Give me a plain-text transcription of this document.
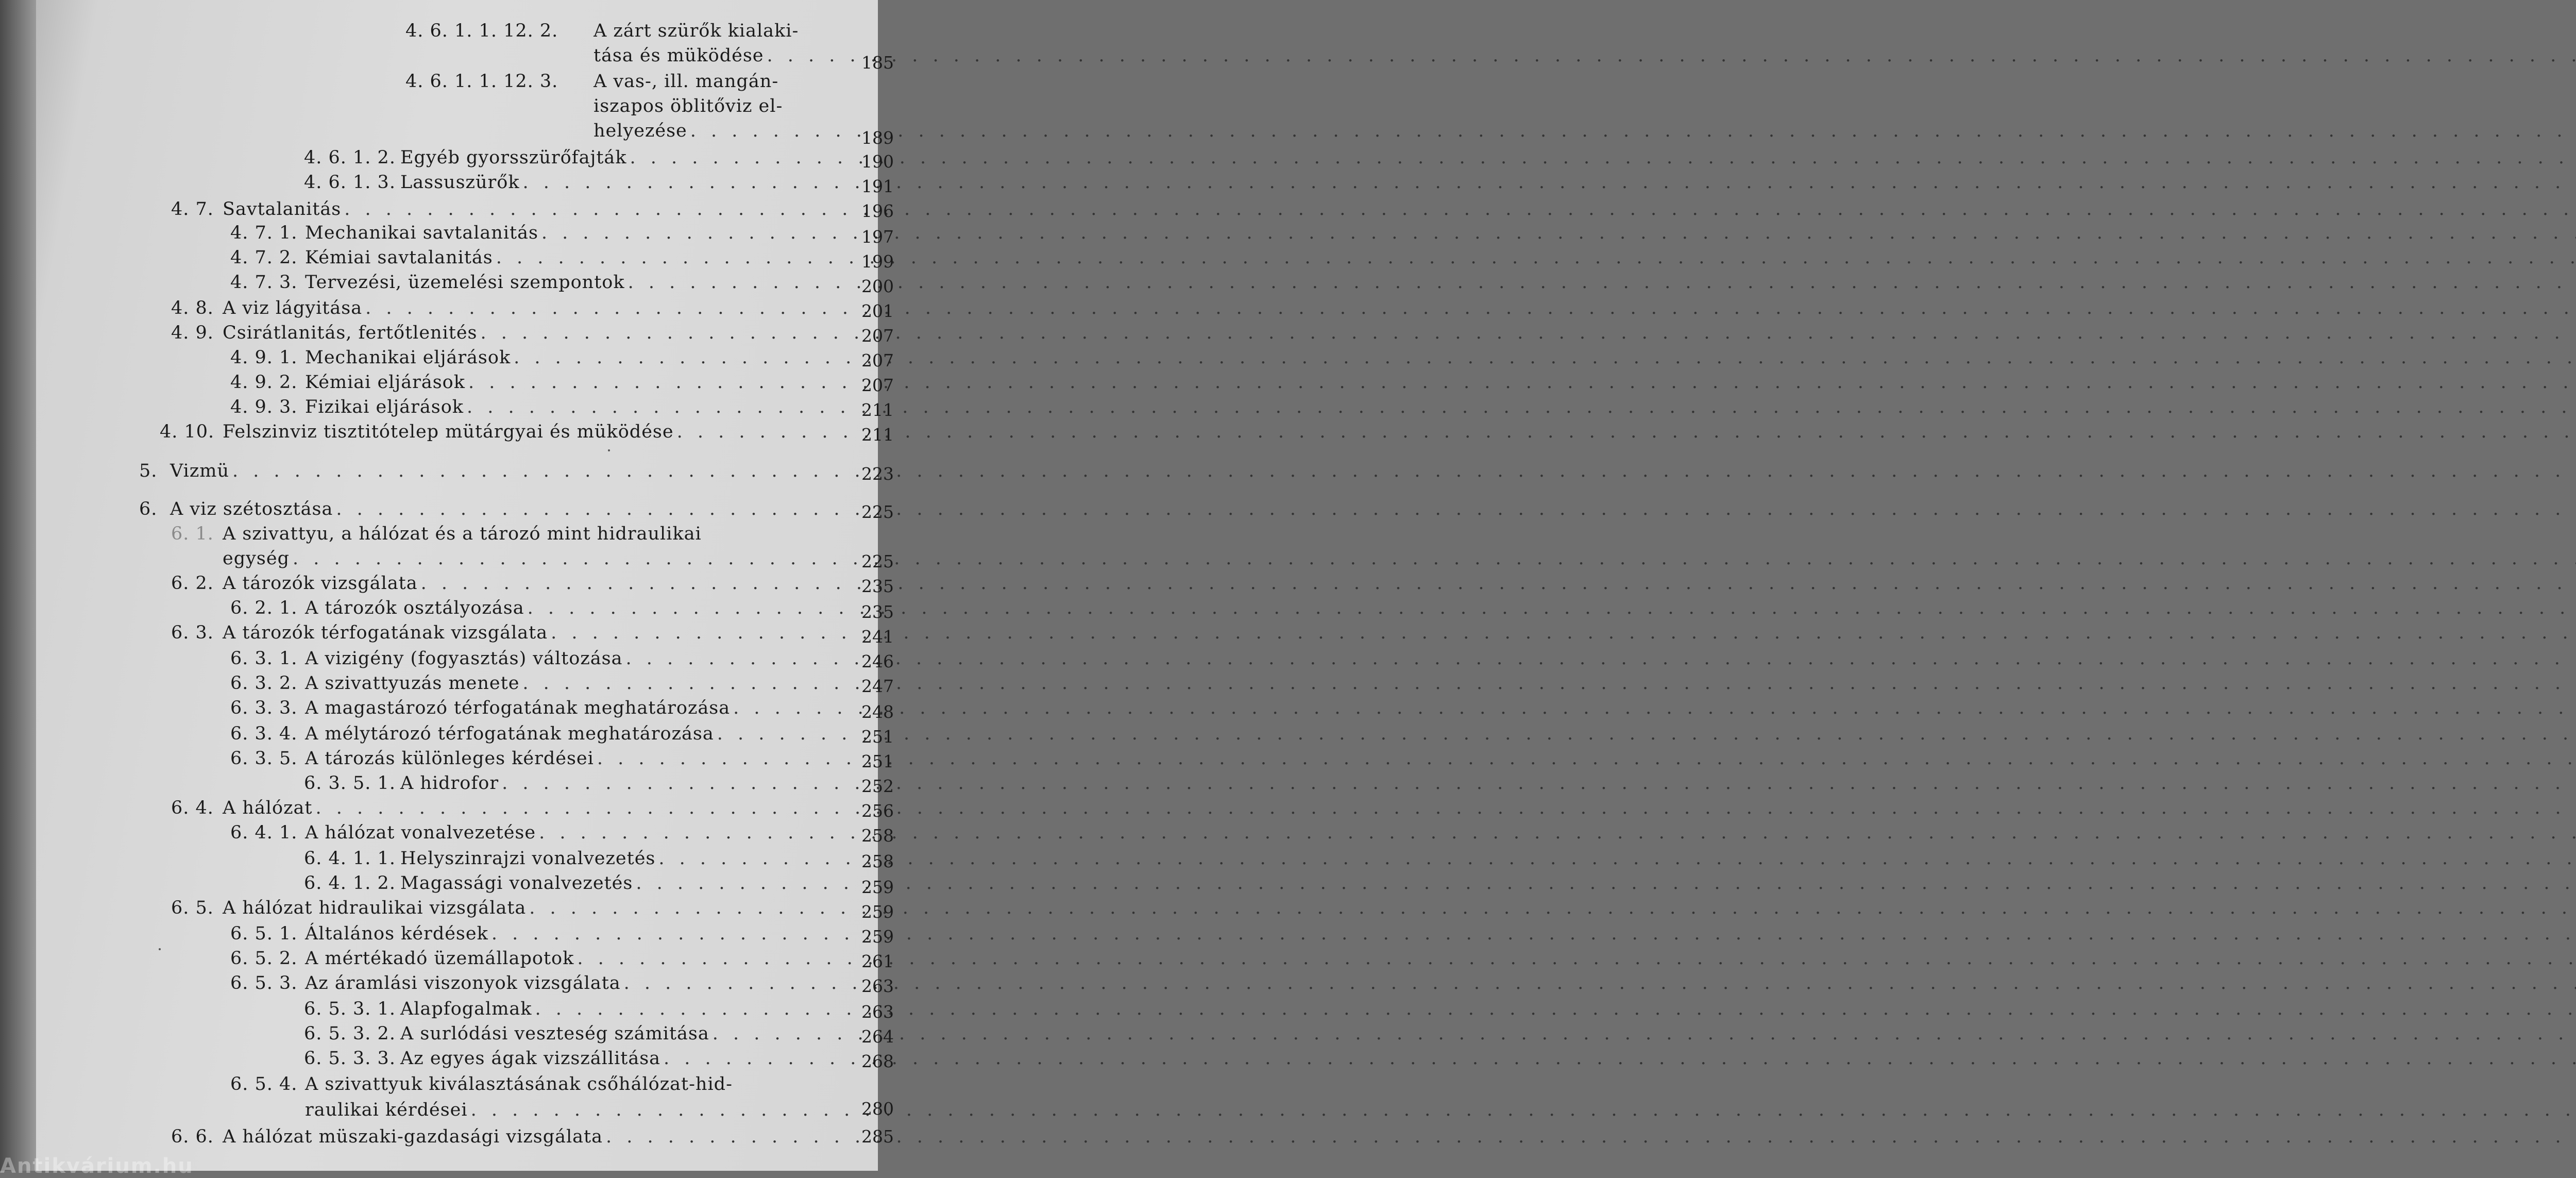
4. 6. 1. 1. 12. 2.	A zárt szürők kialaki-
tása és müködése . . .	185
4. 6. 1. 1. 12. 3.	A vas-, ill. mangán-
iszapos öblitőviz el-
helyezése . . .	189
4. 6. 1. 2. Egyéb gyorsszürőfajták . . .	190
4. 6. 1. 3. Lassuszürők . . .	191
4. 7. Savtalanitás . . .	196
4. 7. 1. Mechanikai savtalanitás . . .	197
4. 7. 2. Kémiai savtalanitás . . .	199
4. 7. 3. Tervezési, üzemelési szempontok . . .	200
4. 8. A viz lágyitása . . .	201
4. 9. Csirátlanitás, fertőtlenités . . .	207
4. 9. 1. Mechanikai eljárások . . .	207
4. 9. 2. Kémiai eljárások . . .	207
4. 9. 3. Fizikai eljárások . . .	211
4. 10. Felszinviz tisztitótelep mütárgyai és müködése . . .	211
5. Vizmü . . .	223
6. A viz szétosztása . . .	225
6. 1. A szivattyu, a hálózat és a tározó mint hidraulikai
egység . . .	225
6. 2. A tározók vizsgálata . . .	235
6. 2. 1. A tározók osztályozása . . .	235
6. 3. A tározók térfogatának vizsgálata . . .	241
6. 3. 1. A vizigény (fogyasztás) változása . . .	246
6. 3. 2. A szivattyuzás menete . . .	247
6. 3. 3. A magastározó térfogatának meghatározása . . .	248
6. 3. 4. A mélytározó térfogatának meghatározása . . .	251
6. 3. 5. A tározás különleges kérdései . . .	251
6. 3. 5. 1. A hidrofor . . .	252
6. 4. A hálózat . . .	256
6. 4. 1. A hálózat vonalvezetése . . .	258
6. 4. 1. 1. Helyszinrajzi vonalvezetés . . .	258
6. 4. 1. 2. Magassági vonalvezetés . . .	259
6. 5. A hálózat hidraulikai vizsgálata . . .	259
6. 5. 1. Általános kérdések . . .	259
6. 5. 2. A mértékadó üzemállapotok . . .	261
6. 5. 3. Az áramlási viszonyok vizsgálata . . .	263
6. 5. 3. 1. Alapfogalmak . . .	263
6. 5. 3. 2. A surlódási veszteség számitása . . .	264
6. 5. 3. 3. Az egyes ágak vizszállitása . . .	268
6. 5. 4. A szivattyuk kiválasztásának csőhálózat-hid-
raulikai kérdései . . .	280
6. 6. A hálózat müszaki-gazdasági vizsgálata . . .	285
Antikvárium.hu
